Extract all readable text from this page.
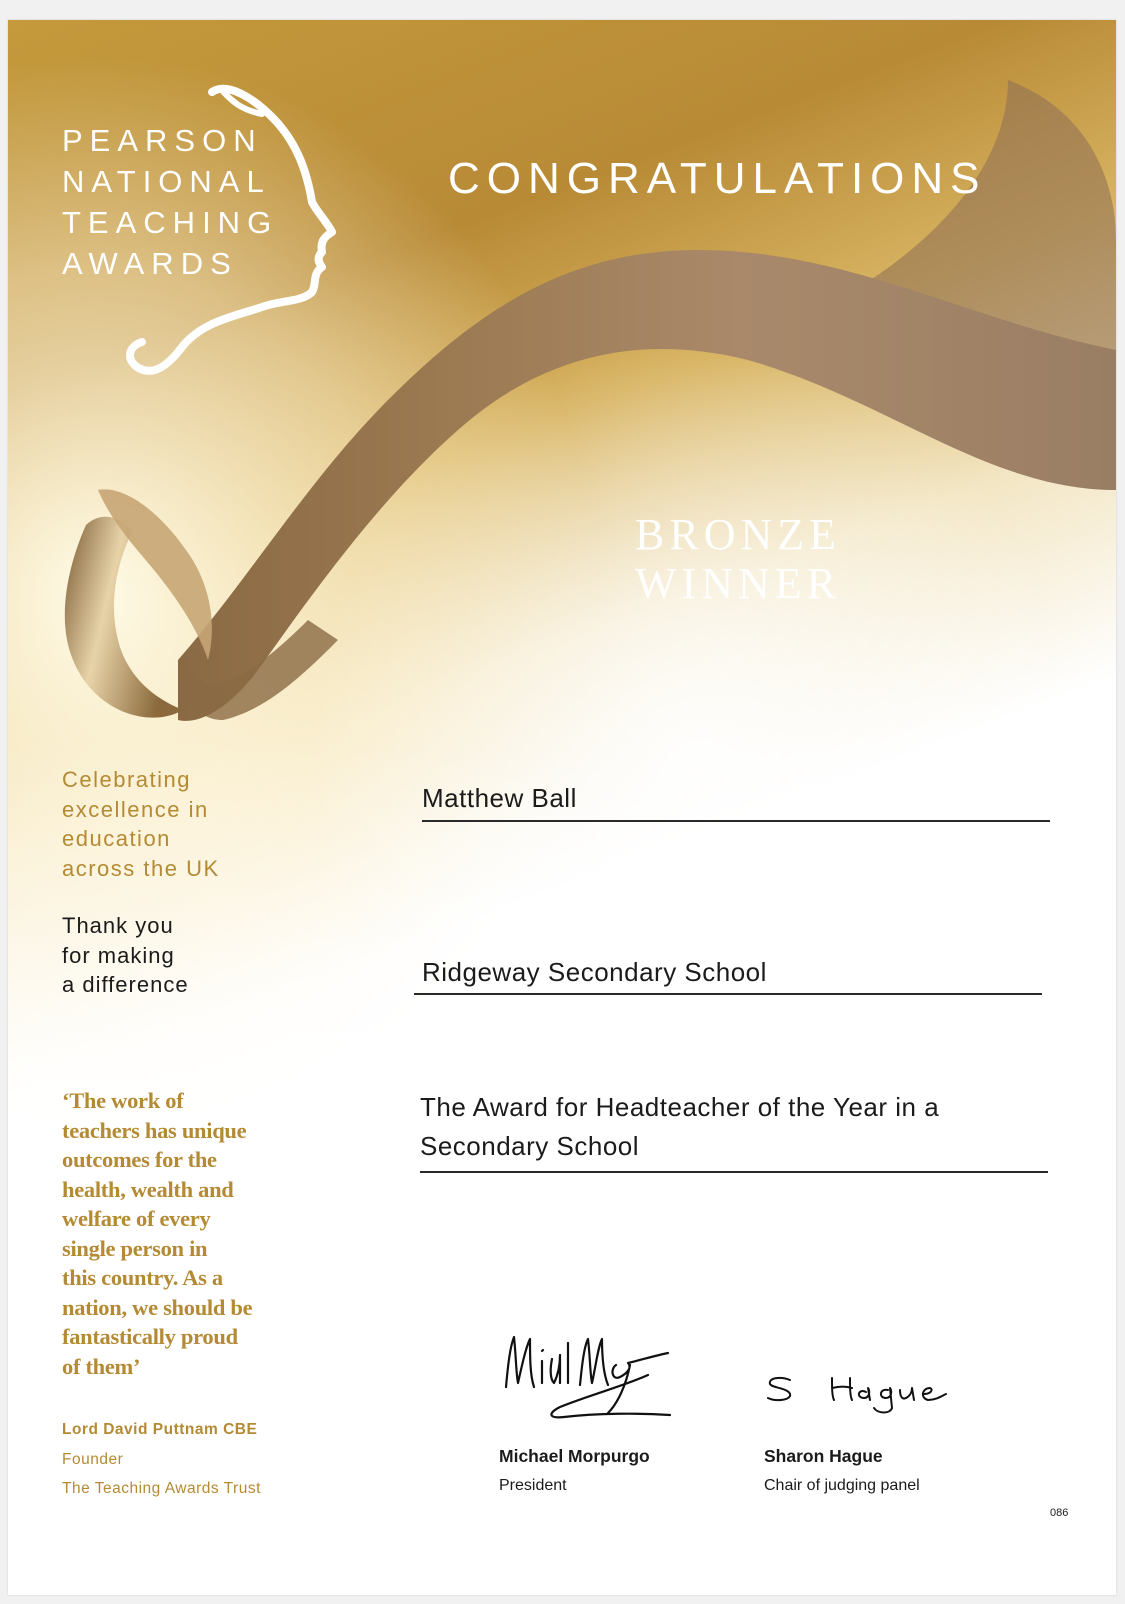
PEARSON
NATIONAL
TEACHING
AWARDS
CONGRATULATIONS
BRONZE
WINNER

Celebrating
excellence in
education
across the UK

Thank you
for making
a difference

‘The work of
teachers has unique
outcomes for the
health, wealth and
welfare of every
single person in
this country. As a
nation, we should be
fantastically proud
of them’

Lord David Puttnam CBE
Founder
The Teaching Awards Trust

Matthew Ball

Ridgeway Secondary School

The Award for Headteacher of the Year in a

Secondary School

Michael Morpurgo

President

Sharon Hague

Chair of judging panel

086
